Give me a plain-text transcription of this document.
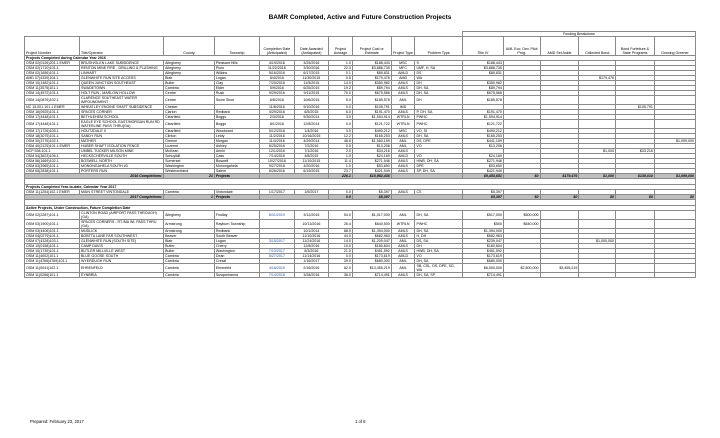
BAMR Completed, Active and Future Construction Projects
										Funding Breakdown					
Project Number	Title/Operator	County	Township	Completion Date (Anticipated)	Date Awarded (Anticipated)	Project Acreage	Project Cost or Estimate	Project Type	Problem Type	Title IV	AML Eco. Dev. Pilot Prog.	AMD Set Aside	Collected Bond	Bond Forfeiture & State Programs	Growing Greener
Projects Completed during Calendar Year 2016															
OSM 02(0126)201.1 EMER	BRUSH/GLEN LAKE SUBSIDENCE	Allegheny	Pleasant Hills	4/19/2016	3/25/2016	1.0	$188,443	MSC	S	$188,443					
OSM 02(1710)101.1	RENTON MINE FIRE - DRILLING & FLUSHING	Allegheny	Plum	11/22/2016	3/30/2016	22.3	$3,886,735	MFC	UMF, H, SA	$3,886,735					
OSM 02(1656)101.1	LINHART	Allegheny	Wilkins	5/16/2016	6/17/2015	0.1	$89,831	AMLD	DS	$89,831					
AMD 07(4330)104.1	GLENWHITE RUN SITE ACCESS	Blair	Logan	8/4/2016	11/30/2015	0.5	$179,476	AMD	WA				$179,476		
OSM 10(1482)101.1	QUEEN JUNCTION SOUTHEAST	Butler	Clay	7/20/2016	11/5/2015	14.9	$350,982	AMLS	DH	$350,982					
OSM 11(3575)101.1	SWADETOWN	Cambria	Elder	5/9/2016	6/25/2015	19.2	$89,794	AMLS	DH, SA	$89,794					
OSM 14(4572)101.1	HOLT RUN - MARLOW HOLLOW	Centre	Rush	9/29/2016	9/11/2015	70.0	$675,566	AMLS	DH, SA	$675,566					
OSM 14(0876)102.1	CLARENCE SOUTHEAST WATER IMPOUNDMENT	Centre	Snow Shoe	6/8/2016	10/6/2015	5.0	$185,578	AML	DH	$185,578					
NC 15.001.101.1 EMER	WHEATLEY ENGINE SHAFT SUBSIDENCE	Chester		11/8/2016	9/10/2016	0.0	$105,791	IMD						$105,791	
OSM 16(0925)101.1	SPACES CORNER	Clarion	Redbank	4/29/2016	6/5/2015	6.0	$191,470	AMLS	P, DH, SA	$191,470					
OSM 17(4448)101.1	BETHLEHEM SCHOOL	Clearfield	Boggs	2/3/2016	9/30/2014	3.0	$1,594,914	WTRLN	PWHC	$1,594,914					
OSM 17(4448)101.1	EAGLE EYE SCHOOL EAST/MORGAN RUN RD WATERLINE PASS THRU(GA)	Clearfield	Boggs	8/1/2016	12/8/2014	0.0	$121,722	WTRLN	PWHC	$121,722					
OSM 17(1726)105.1	HOUTZDALE II	Clearfield	Woodward	5/12/2016	1/4/2016	3.0	$490,212	MSC	VO, SI	$490,212					
OSM 18(3075)101.1	SANDY RUN	Clinton	Leidy	11/2/2016	10/16/2015	12.2	$165,253	AMLS	DH, SA	$165,253					
OSM 30(3776)102.1	MATHER	Greene	Morgan	11/4/2016	4/29/2014	48.8	$1,560,159	AML	DS, DPE	$441,159					$1,099,000
OSM 40(2125)101.1 EMER	HUBER SHAFT ISOLATION FENCE	Luzerne	Ashley	6/25/2016	7/2/2016	0.5	$13,206	AML	VO	$13,206					
NCP 538.101.1	UMBEL TUCKER MILSON MINE	McKean	Annin	12/1/2016	7/1/2016	2.0	$34,216	AMLS					$1,000	$33,216	
OSM 54(3623)106.1	HECKSCHERVILLE SOUTH	Schuylkill	Cass	7/14/2016	4/8/2015	1.0	$24,169	AMLD	VO	$24,169					
OSM 56(1669)102.1	BOSWELL NORTH	Somerset	Boswell	10/27/2016	11/10/2015	11.4	$271,946	AMLS	HWB, DH, SA	$271,946					
OSM 63(3965)101.1	MONONGAHELA SOUTH #3	Washington	Monongahela	9/27/2016	4/20/2016	1.0	$53,650	AMLS	DPE	$53,650					
OSM 65(2838)101.1	PORTERS RUN	Westmoreland	Salem	8/26/2016	6/19/2015	23.7	$421,949	AMLS	SP, DH, SA	$421,949					
2016 Completions:		21	Projects			226.1	$10,982,436			$9,453,651	$0	$179,476	$1,000	$139,010	$1,099,000

Projects Completed Year-to-date, Calendar Year 2017															
OSM 11(1254)102.1 EMER	MAIN STREET VINTONDALE	Cambria	Vintondale	1/17/2017	1/5/2017	0.0	$5,397	AMLS	CS	$5,397					
2017 Completions:		1	Projects			0.0	$5,397			$5,397	$0	$0	$0	$0	$0

Active Projects, Under Construction, Future Completion Date															
OSM 02(2287)101.1	CLINTON ROAD (AIRPORT PASS THROUGH)(GA)	Allegheny	Findlay	8/31/2019	3/12/2015	54.0	$1,017,000	AML	DH, SA	$517,000	$500,000				
OSM 03(1900)101.1	SPACES CORNERS - RT./MA WL PASS THRU (GA)	Armstrong	Rayburn Township		10/13/2016	26.4	$640,500	WTRLN	PWHC	$500	$640,000				
OSM 03(4406)101.1	MUDLICK	Armstrong	Redbank		10/1/2014	88.0	$1,394,000	AMLS	DH, SA	$1,394,000					
OSM 04(0279)101.1	BOBTTA LANE FAR SOUTHWEST	Beaver	South Beaver		11/10/2016	44.0	$682,963	AMLS	H, DH	$682,963					
OSM 07(4328)103.1	GLENWHITE RUN (SOUTH SITE)	Blair	Logan	3/15/2017	11/24/2016	14.0	$1,209,047	AML	DS, SA	$239,047			$1,000,000		
OSM 10(0158)101.1	CAMP DAVIS	Butler	Cherry		12/8/2016	10.0	$180,604	AMLS	DH	$180,604					
OSM 10(1739)101.1	BUTLER MILLVILLE WEST	Butler	Washington	7/13/2017	8/3/2016	21.0	$451,592	AMLS	HWB, DH, SA	$451,592					
OSM 11(4002)101.1	BLUE GOOSE SOUTH	Cambria	Dean	5/27/2017	11/14/2016	0.0	$173,619	AMLD	VO	$173,619					
OSM 11(4766)4769)101.1	WYERDUGH RUN	Cambria	Cresal		1/16/2017	39.0	$680,000	AML	DH, SA	$680,000					
OSM 11(0041)102.1	EHRENFELD	Cambria	Ehrenfeld	4/16/2019	2/16/2016	82.0	$13,455,219	AML	SB, CSL, DS, DPE, SG, WA	$6,500,000	$2,500,000	$3,455,219			
OSM 11(0266)101.1	EYNBRIA	Cambria	Susquehanna	7/14/2018	3/28/2016	36.0	$714,491	AMLS	DH, SA, SP	$714,491					
Prepared: February 23, 2017	1 of 6
